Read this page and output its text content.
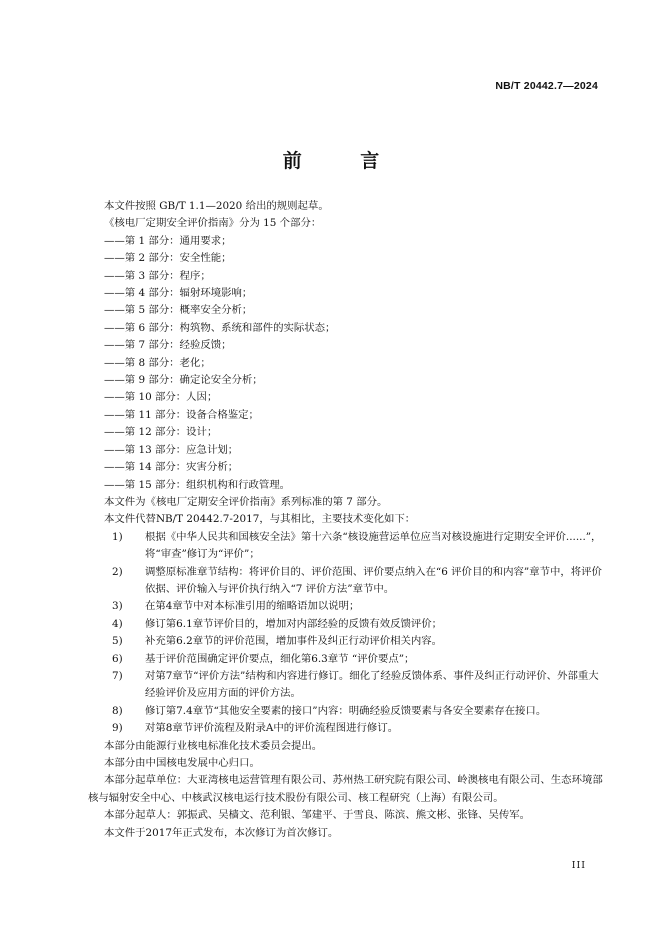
NB/T 20442.7—2024
前 言
本文件按照 GB/T 1.1—2020 给出的规则起草。
《核电厂定期安全评价指南》分为 15 个部分：
——第 1 部分：通用要求；
——第 2 部分：安全性能；
——第 3 部分：程序；
——第 4 部分：辐射环境影响；
——第 5 部分：概率安全分析；
——第 6 部分：构筑物、系统和部件的实际状态；
——第 7 部分：经验反馈；
——第 8 部分：老化；
——第 9 部分：确定论安全分析；
——第 10 部分：人因；
——第 11 部分：设备合格鉴定；
——第 12 部分：设计；
——第 13 部分：应急计划；
——第 14 部分：灾害分析；
——第 15 部分：组织机构和行政管理。
本文件为《核电厂定期安全评价指南》系列标准的第 7 部分。
本文件代替NB/T 20442.7-2017，与其相比，主要技术变化如下：
1) 根据《中华人民共和国核安全法》第十六条“核设施营运单位应当对核设施进行定期安全评价......”，将“审查”修订为“评价”；
2) 调整原标准章节结构：将评价目的、评价范围、评价要点纳入在“6 评价目的和内容”章节中，将评价依据、评价输入与评价执行纳入“7 评价方法”章节中。
3) 在第4章节中对本标准引用的缩略语加以说明；
4) 修订第6.1章节评价目的，增加对内部经验的反馈有效反馈评价；
5) 补充第6.2章节的评价范围，增加事件及纠正行动评价相关内容。
6) 基于评价范围确定评价要点，细化第6.3章节 “评价要点”；
7) 对第7章节“评价方法”结构和内容进行修订。细化了经验反馈体系、事件及纠正行动评价、外部重大经验评价及应用方面的评价方法。
8) 修订第7.4章节“其他安全要素的接口”内容：明确经验反馈要素与各安全要素存在接口。
9) 对第8章节评价流程及附录A中的评价流程图进行修订。
本部分由能源行业核电标准化技术委员会提出。
本部分由中国核电发展中心归口。
本部分起草单位：大亚湾核电运营管理有限公司、苏州热工研究院有限公司、岭澳核电有限公司、生态环境部核与辐射安全中心、中核武汉核电运行技术股份有限公司、核工程研究（上海）有限公司。
本部分起草人：郭振武、吴樯文、范利银、邹建平、于雪良、陈滨、熊文彬、张锋、吴传军。
本文件于2017年正式发布，本次修订为首次修订。
III
